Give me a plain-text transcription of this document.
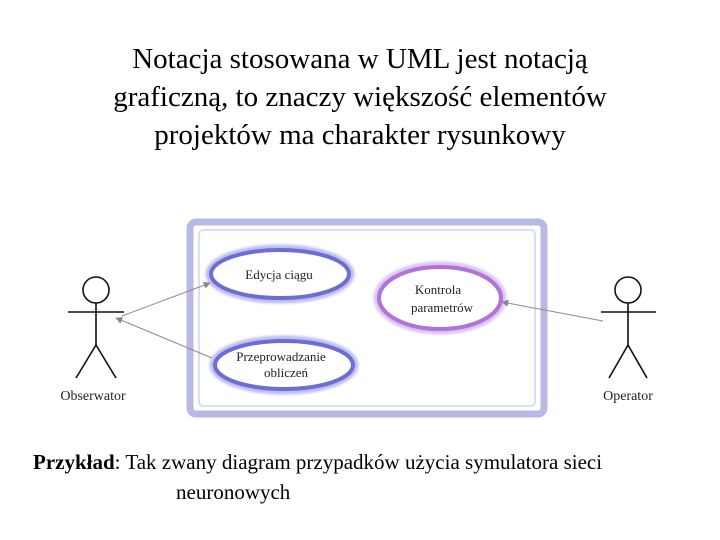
Notacja stosowana w UML jest notacją
graficzną, to znaczy większość elementów
projektów ma charakter rysunkowy
Obserwator	Operator
Edycja ciągu
Przeprowadzanie
obliczeń
Kontrola
parametrów
Przykład: Tak zwany diagram przypadków użycia symulatora sieci
neuronowych
